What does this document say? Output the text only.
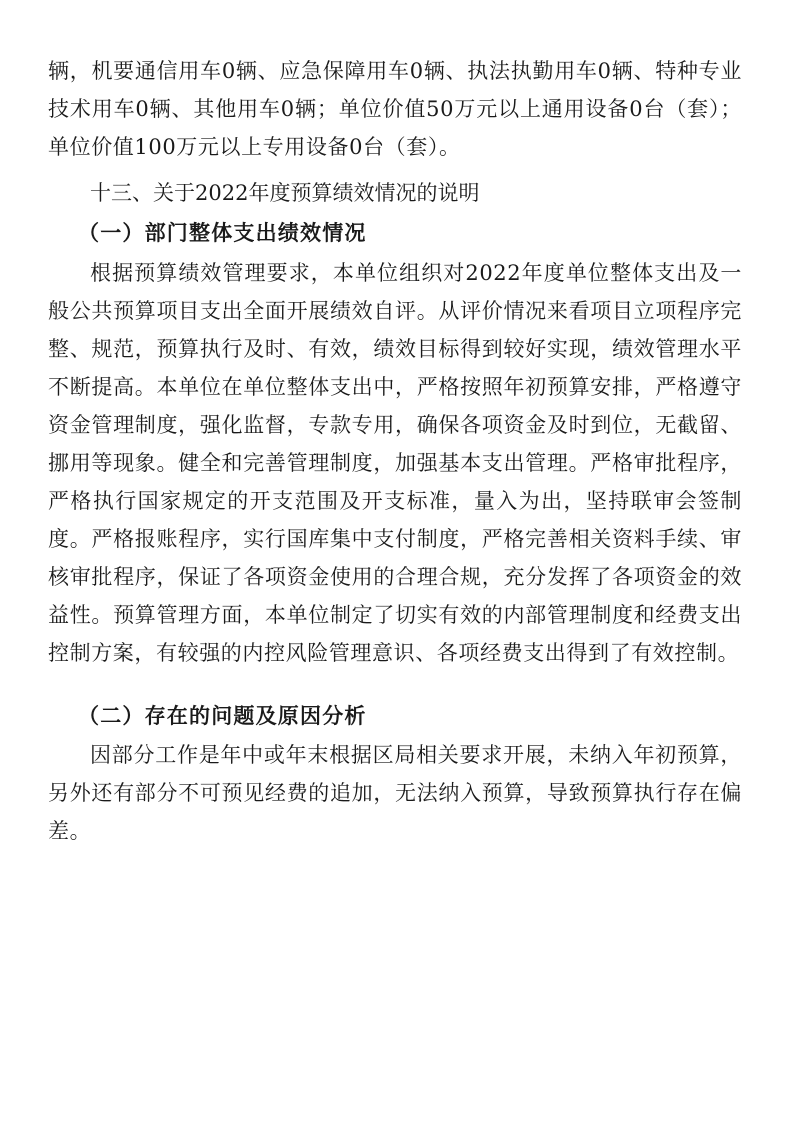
辆，机要通信用车0辆、应急保障用车0辆、执法执勤用车0辆、特种专业技术用车0辆、其他用车0辆；单位价值50万元以上通用设备0台（套）；单位价值100万元以上专用设备0台（套）。

十三、关于2022年度预算绩效情况的说明
（一）部门整体支出绩效情况

根据预算绩效管理要求，本单位组织对2022年度单位整体支出及一般公共预算项目支出全面开展绩效自评。从评价情况来看项目立项程序完整、规范，预算执行及时、有效，绩效目标得到较好实现，绩效管理水平不断提高。本单位在单位整体支出中，严格按照年初预算安排，严格遵守资金管理制度，强化监督，专款专用，确保各项资金及时到位，无截留、挪用等现象。健全和完善管理制度，加强基本支出管理。严格审批程序，严格执行国家规定的开支范围及开支标准，量入为出，坚持联审会签制度。严格报账程序，实行国库集中支付制度，严格完善相关资料手续、审核审批程序，保证了各项资金使用的合理合规，充分发挥了各项资金的效益性。预算管理方面，本单位制定了切实有效的内部管理制度和经费支出控制方案，有较强的内控风险管理意识、各项经费支出得到了有效控制。

（二）存在的问题及原因分析

因部分工作是年中或年末根据区局相关要求开展，未纳入年初预算，另外还有部分不可预见经费的追加，无法纳入预算，导致预算执行存在偏差。
